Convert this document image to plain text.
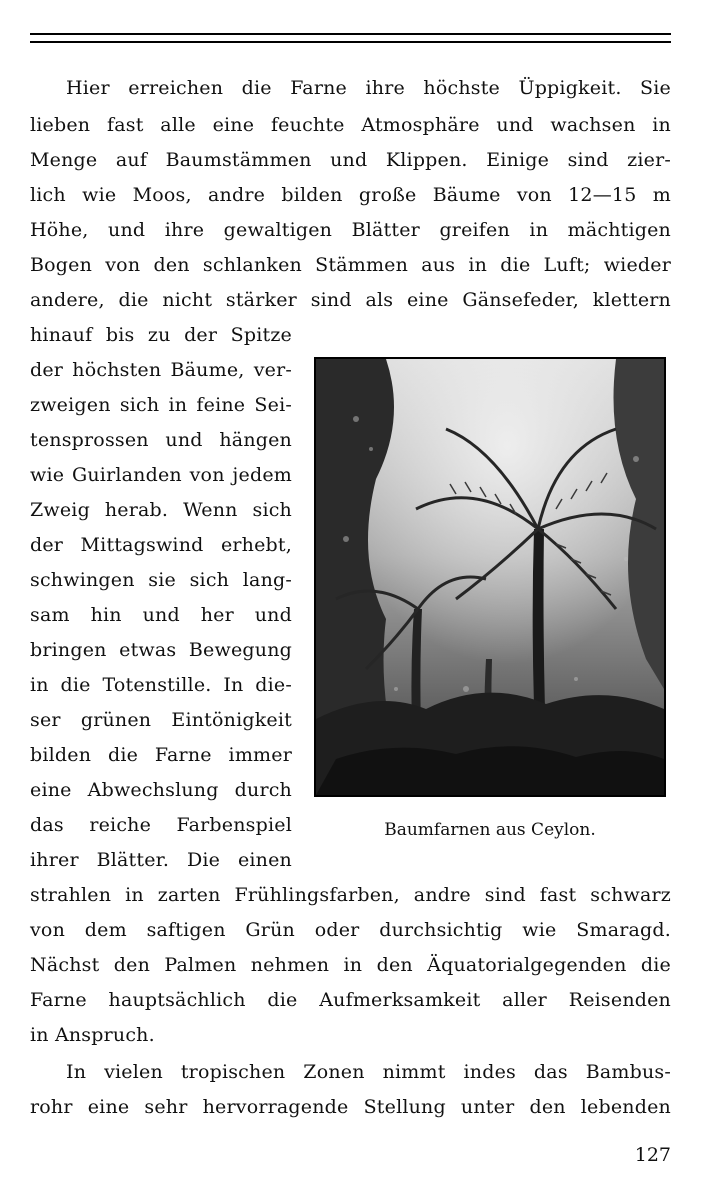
Hier erreichen die Farne ihre höchste Üppigkeit. Sie
lieben fast alle eine feuchte Atmosphäre und wachsen in
Menge auf Baumstämmen und Klippen. Einige sind zier-
lich wie Moos, andre bilden große Bäume von 12—15 m
Höhe, und ihre gewaltigen Blätter greifen in mächtigen
Bogen von den schlanken Stämmen aus in die Luft; wieder
andere, die nicht stärker sind als eine Gänsefeder, klettern
hinauf bis zu der Spitze
der höchsten Bäume, ver-
zweigen sich in feine Sei-
tensprossen und hängen
wie Guirlanden von jedem
Zweig herab. Wenn sich
der Mittagswind erhebt,
schwingen sie sich lang-
sam hin und her und
bringen etwas Bewegung
in die Totenstille. In die-
ser grünen Eintönigkeit
bilden die Farne immer
eine Abwechslung durch
das reiche Farbenspiel
ihrer Blätter. Die einen
strahlen in zarten Frühlingsfarben, andre sind fast schwarz
von dem saftigen Grün oder durchsichtig wie Smaragd.
Nächst den Palmen nehmen in den Äquatorialgegenden die
Farne hauptsächlich die Aufmerksamkeit aller Reisenden
in Anspruch.
In vielen tropischen Zonen nimmt indes das Bambus-
rohr eine sehr hervorragende Stellung unter den lebenden
Baumfarnen aus Ceylon.
127
